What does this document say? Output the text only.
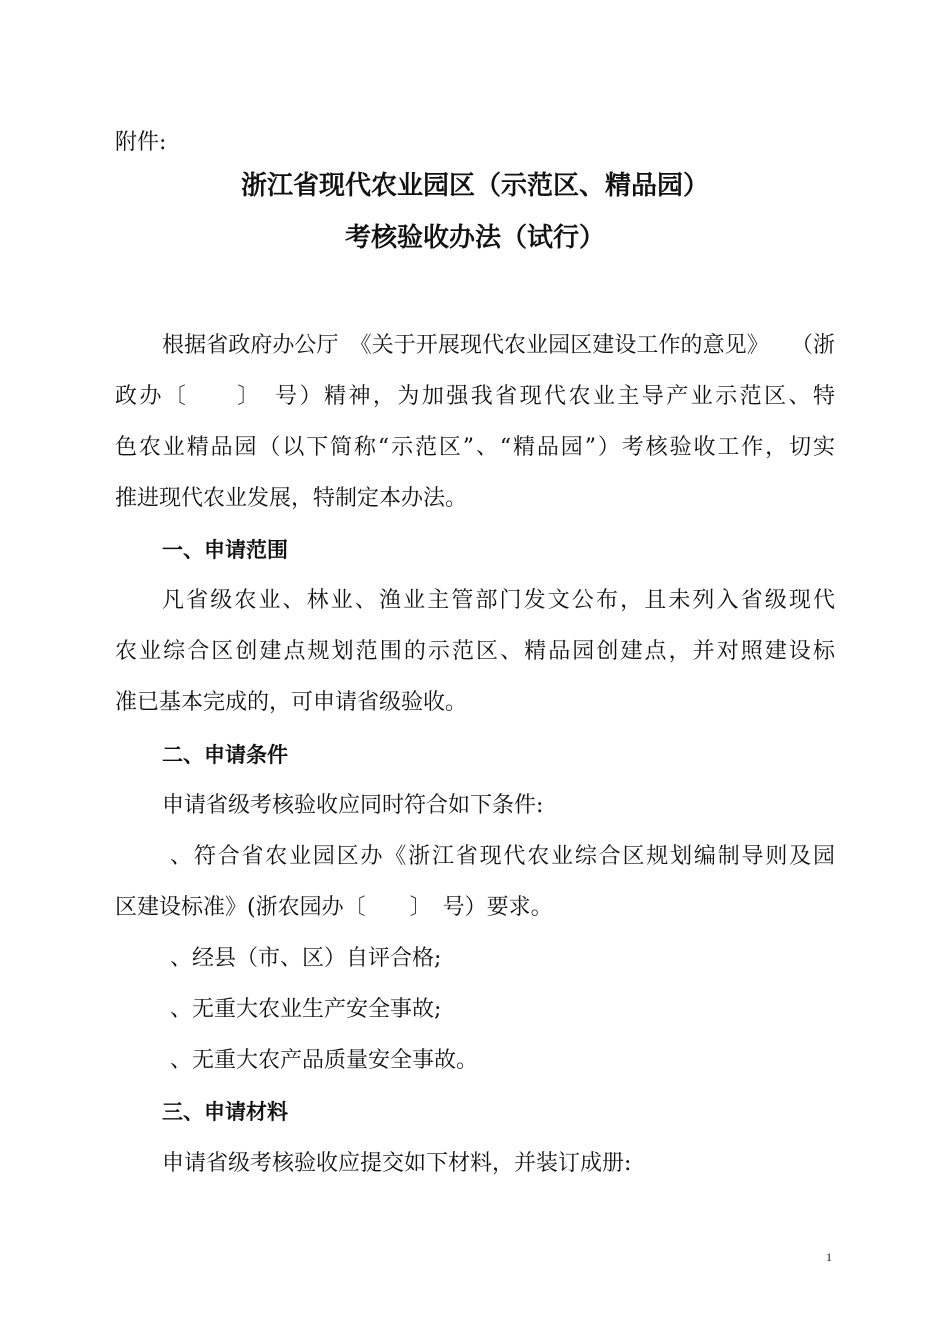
附件:
浙江省现代农业园区（示范区、精品园）
考核验收办法（试行）
根据省政府办公厅　《关于开展现代农业园区建设工作的意见》　　（浙
政办〔　　〕　号）精神，为加强我省现代农业主导产业示范区、特
色农业精品园（以下简称“示范区”、“精品园”）考核验收工作，切实
推进现代农业发展，特制定本办法。
一、申请范围
凡省级农业、林业、渔业主管部门发文公布，且未列入省级现代
农业综合区创建点规划范围的示范区、精品园创建点，并对照建设标
准已基本完成的，可申请省级验收。
二、申请条件
申请省级考核验收应同时符合如下条件:
、符合省农业园区办《浙江省现代农业综合区规划编制导则及园
区建设标准》(浙农园办〔　　〕　号）要求。
、经县（市、区）自评合格;
、无重大农业生产安全事故;
、无重大农产品质量安全事故。
三、申请材料
申请省级考核验收应提交如下材料，并装订成册:
1
